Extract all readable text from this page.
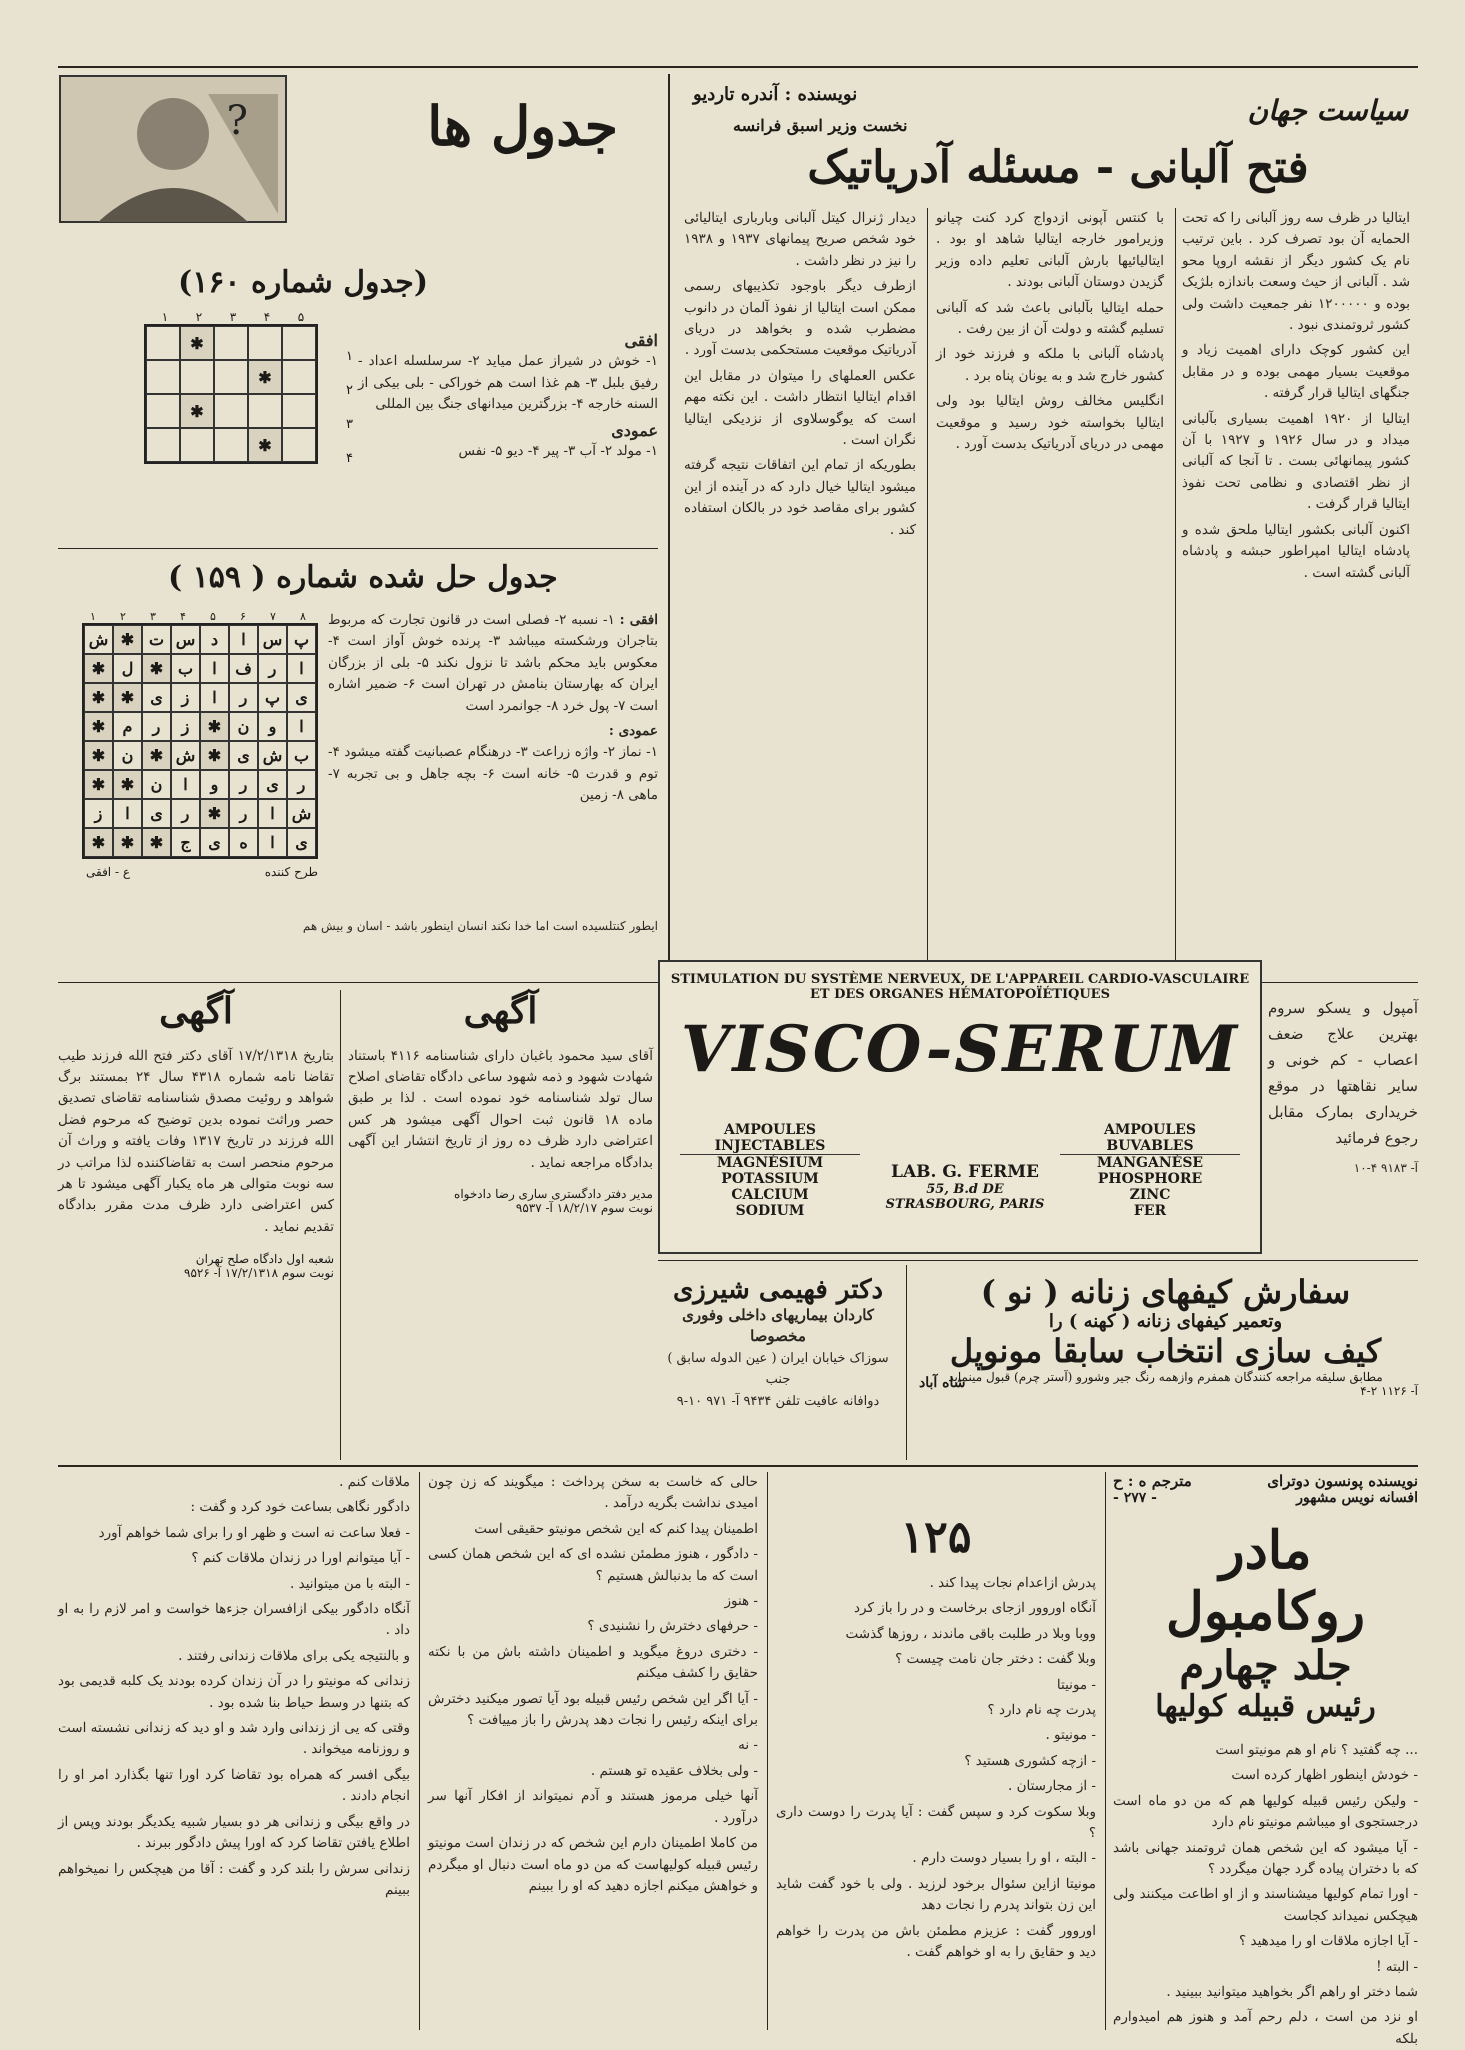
سیاست جهان
نویسنده : آندره تاردیو
نخست وزیر اسبق فرانسه
فتح آلبانی - مسئله آدریاتیک

ایتالیا در ظرف سه روز آلبانی را که تحت الحمایه آن بود تصرف کرد . باین ترتیب نام یک کشور دیگر از نقشه اروپا محو شد . آلبانی از حیث وسعت باندازه بلژیک بوده و ۱۲۰۰۰۰۰ نفر جمعیت داشت ولی کشور ثروتمندی نبود .

این کشور کوچک دارای اهمیت زیاد و موقعیت بسیار مهمی بوده و در مقابل جنگهای ایتالیا قرار گرفته .

ایتالیا از ۱۹۲۰ اهمیت بسیاری بآلبانی میداد و در سال ۱۹۲۶ و ۱۹۲۷ با آن کشور پیمانهائی بست . تا آنجا که آلبانی از نظر اقتصادی و نظامی تحت نفوذ ایتالیا قرار گرفت .

اکنون آلبانی بکشور ایتالیا ملحق شده و پادشاه ایتالیا امپراطور حبشه و پادشاه آلبانی گشته است .

با کنتس آپونی ازدواج کرد کنت چیانو وزیرامور خارجه ایتالیا شاهد او بود . ایتالیائیها بارش آلبانی تعلیم داده وزیر گزیدن دوستان آلبانی بودند .

حمله ایتالیا بآلبانی باعث شد که آلبانی تسلیم گشته و دولت آن از بین رفت .

پادشاه آلبانی با ملکه و فرزند خود از کشور خارج شد و به یونان پناه برد .

انگلیس مخالف روش ایتالیا بود ولی ایتالیا بخواسته خود رسید و موقعیت مهمی در دریای آدریاتیک بدست آورد .

دیدار ژنرال کیتل آلبانی وبارباری ایتالیائی خود شخص صریح پیمانهای ۱۹۳۷ و ۱۹۳۸ را نیز در نظر داشت .

ازطرف دیگر باوجود تکذیبهای رسمی ممکن است ایتالیا از نفوذ آلمان در دانوب مضطرب شده و بخواهد در دریای آدریاتیک موقعیت مستحکمی بدست آورد .

عکس العملهای را میتوان در مقابل این اقدام ایتالیا انتظار داشت . این نکته مهم است که یوگوسلاوی از نزدیکی ایتالیا نگران است .

بطوریکه از تمام این اتفاقات نتیجه گرفته میشود ایتالیا خیال دارد که در آینده از این کشور برای مقاصد خود در بالکان استفاده کند .

جدول ها
?
(جدول شماره ۱۶۰)
۱ ۲ ۳ ۴ ۵
✱
✱
✱
✱
۱
۲
۳
۴
افقی

۱- خوش در شیراز عمل میاید ۲- سرسلسله اعداد - رفیق بلبل ۳- هم غذا است هم خوراکی - بلی بیکی از السنه خارجه ۴- بزرگترین میدانهای جنگ بین المللی

عمودی

۱- مولد ۲- آب ۳- پیر ۴- دیو ۵- نفس

جدول حل شده شماره ( ۱۵۹ )
۱ ۲ ۳ ۴ ۵ ۶ ۷ ۸
پ
س
ا
د
س
ت
✱
ش
ا
ر
ف
ا
ب
✱
ل
✱
ی
پ
ر
ا
ز
ی
✱
✱
ا
و
ن
✱
ز
ر
م
✱
ب
ش
ی
✱
ش
✱
ن
✱
ر
ی
ر
و
ا
ن
✱
✱
ش
ا
ر
✱
ر
ی
ا
ز
ی
ا
ه
ی
ج
✱
✱
✱
طرح کننده
ع - افقی
افقی : ۱- نسبه ۲- فصلی است در قانون تجارت که مربوط بتاجران ورشکسته میباشد ۳- پرنده خوش آواز است ۴- معکوس باید محکم باشد تا نزول نکند ۵- بلی از بزرگان ایران که بهارستان بنامش در تهران است ۶- ضمیر اشاره است ۷- پول خرد ۸- جوانمرد است
عمودی :
۱- نماز ۲- واژه زراعت ۳- درهنگام عصبانیت گفته میشود ۴- توم و قدرت ۵- خانه است ۶- بچه جاهل و بی تجربه ۷- ماهی ۸- زمین
ایطور کنتلسیده است اما خدا نکند انسان اینطور باشد - اسان و بیش هم
آگهی

آقای سید محمود باغبان دارای شناسنامه ۴۱۱۶ باستناد شهادت شهود و ذمه شهود ساعی دادگاه تقاضای اصلاح سال تولد شناسنامه خود نموده است . لذا بر طبق ماده ۱۸ قانون ثبت احوال آگهی میشود هر کس اعتراضی دارد ظرف ده روز از تاریخ انتشار این آگهی بدادگاه مراجعه نماید .

مدیر دفتر دادگستری ساری رضا دادخواه
نوبت سوم ۱۸/۲/۱۷ آ- ۹۵۳۷
آگهی

بتاریخ ۱۷/۲/۱۳۱۸ آقای دکتر فتح الله فرزند طیب تقاضا نامه شماره ۴۳۱۸ سال ۲۴ بمستند برگ شواهد و روئیت مصدق شناسنامه تقاضای تصدیق حصر وراثت نموده بدین توضیح که مرحوم فضل الله فرزند در تاریخ ۱۳۱۷ وفات یافته و وراث آن مرحوم منحصر است به تقاضاکننده لذا مراتب در سه نوبت متوالی هر ماه یکبار آگهی میشود تا هر کس اعتراضی دارد ظرف مدت مقرر بدادگاه تقدیم نماید .

شعبه اول دادگاه صلح تهران
نوبت سوم ۱۷/۲/۱۳۱۸ آ- ۹۵۲۶
STIMULATION DU SYSTÈME NERVEUX, DE L'APPAREIL CARDIO-VASCULAIRE
ET DES ORGANES HÉMATOPOÏÉTIQUES
VISCO-SERUM
AMPOULES INJECTABLES
MAGNÉSIUM
POTASSIUM
CALCIUM
SODIUM
LAB. G. FERME
55, B.d DE STRASBOURG, PARIS
AMPOULES BUVABLES
MANGANÈSE
PHOSPHORE
ZINC
FER

آمپول و یسکو سروم بهترین علاج ضعف اعصاب - کم خونی و سایر نقاهتها در موقع خریداری بمارک مقابل رجوع فرمائید

آ- ۹۱۸۳ ۴-۱۰

دکتر فهیمی شیرزی
کاردان بیماریهای داخلی وفوری مخصوصا
سوزاک خیابان ایران ( عین الدوله سابق ) جنب
دوافانه عافیت تلفن ۹۴۳۴ آ- ۹۷۱ ۱۰-۹
سفارش کیفهای زنانه ( نو )
وتعمیر کیفهای زنانه ( کهنه ) را
کیف سازی انتخاب سابقا مونوپل
شاه آباد
مطابق سلیقه مراجعه کنندگان همفرم وازهمه رنگ جیر وشورو (آستر چرم) قبول مینماید
آ- ۱۱۲۶ ۲-۴
نویسنده پونسون دوترای
مترجم ه : ح
افسانه نویس مشهور
- ۲۷۷ -
مادر روکامبول
جلد چهارم
رئیس قبیله کولیها

... چه گفتید ؟ نام او هم مونیتو است

- خودش اینطور اظهار کرده است

- ولیکن رئیس قبیله کولیها هم که من دو ماه است درجستجوی او میباشم مونیتو نام دارد

- آیا میشود که این شخص همان ثروتمند جهانی باشد که با دختران پیاده گرد جهان میگردد ؟

- اورا تمام کولیها میشناسند و از او اطاعت میکنند ولی هیچکس نمیداند کجاست

- آیا اجازه ملاقات او را میدهید ؟

- البته !

شما دختر او راهم اگر بخواهید میتوانید ببینید .

او نزد من است ، دلم رحم آمد و هنوز هم امیدوارم بلکه

۱۲۵

پدرش ازاعدام نجات پیدا کند .

آنگاه اوروور ازجای برخاست و در را باز کرد

ووبا وبلا در طلبت باقی ماندند ، روزها گذشت

وبلا گفت : دختر جان نامت چیست ؟

- مونیتا

پدرت چه نام دارد ؟

- مونیتو .

- ازچه کشوری هستید ؟

- از مجارستان .

وبلا سکوت کرد و سپس گفت : آیا پدرت را دوست داری ؟

- البته ، او را بسیار دوست دارم .

مونیتا ازاین سئوال برخود لرزید . ولی با خود گفت شاید این زن بتواند پدرم را نجات دهد

اوروور گفت : عزیزم مطمئن باش من پدرت را خواهم دید و حقایق را به او خواهم گفت .

حالی که خاست به سخن پرداخت : میگویند که زن چون امیدی نداشت بگریه درآمد .

اطمینان پیدا کنم که این شخص مونیتو حقیقی است

- دادگور ، هنوز مطمئن نشده ای که این شخص همان کسی است که ما بدنبالش هستیم ؟

- هنوز

- حرفهای دخترش را نشنیدی ؟

- دختری دروغ میگوید و اطمینان داشته باش من با نکته حقایق را کشف میکنم

- آیا اگر این شخص رئیس قبیله بود آیا تصور میکنید دخترش برای اینکه رئیس را نجات دهد پدرش را باز مییافت ؟

- نه

- ولی بخلاف عقیده تو هستم .

آنها خیلی مرموز هستند و آدم نمیتواند از افکار آنها سر درآورد .

من کاملا اطمینان دارم این شخص که در زندان است مونیتو رئیس قبیله کولیهاست که من دو ماه است دنبال او میگردم و خواهش میکنم اجازه دهید که او را ببینم

ملاقات کنم .

دادگور نگاهی بساعت خود کرد و گفت :

- فعلا ساعت نه است و ظهر او را برای شما خواهم آورد

- آیا میتوانم اورا در زندان ملاقات کنم ؟

- البته با من میتوانید .

آنگاه دادگور بیکی ازافسران جزءها خواست و امر لازم را به او داد .

و بالنتیجه یکی برای ملاقات زندانی رفتند .

زندانی که مونیتو را در آن زندان کرده بودند یک کلبه قدیمی بود که بتنها در وسط حیاط بنا شده بود .

وقتی که یی از زندانی وارد شد و او دید که زندانی نشسته است و روزنامه میخواند .

بیگی افسر که همراه بود تقاضا کرد اورا تنها بگذارد امر او را انجام دادند .

در واقع بیگی و زندانی هر دو بسیار شبیه یکدیگر بودند وپس از اطلاع یافتن تقاضا کرد که اورا پیش دادگور ببرند .

زندانی سرش را بلند کرد و گفت : آقا من هیچکس را نمیخواهم ببینم
